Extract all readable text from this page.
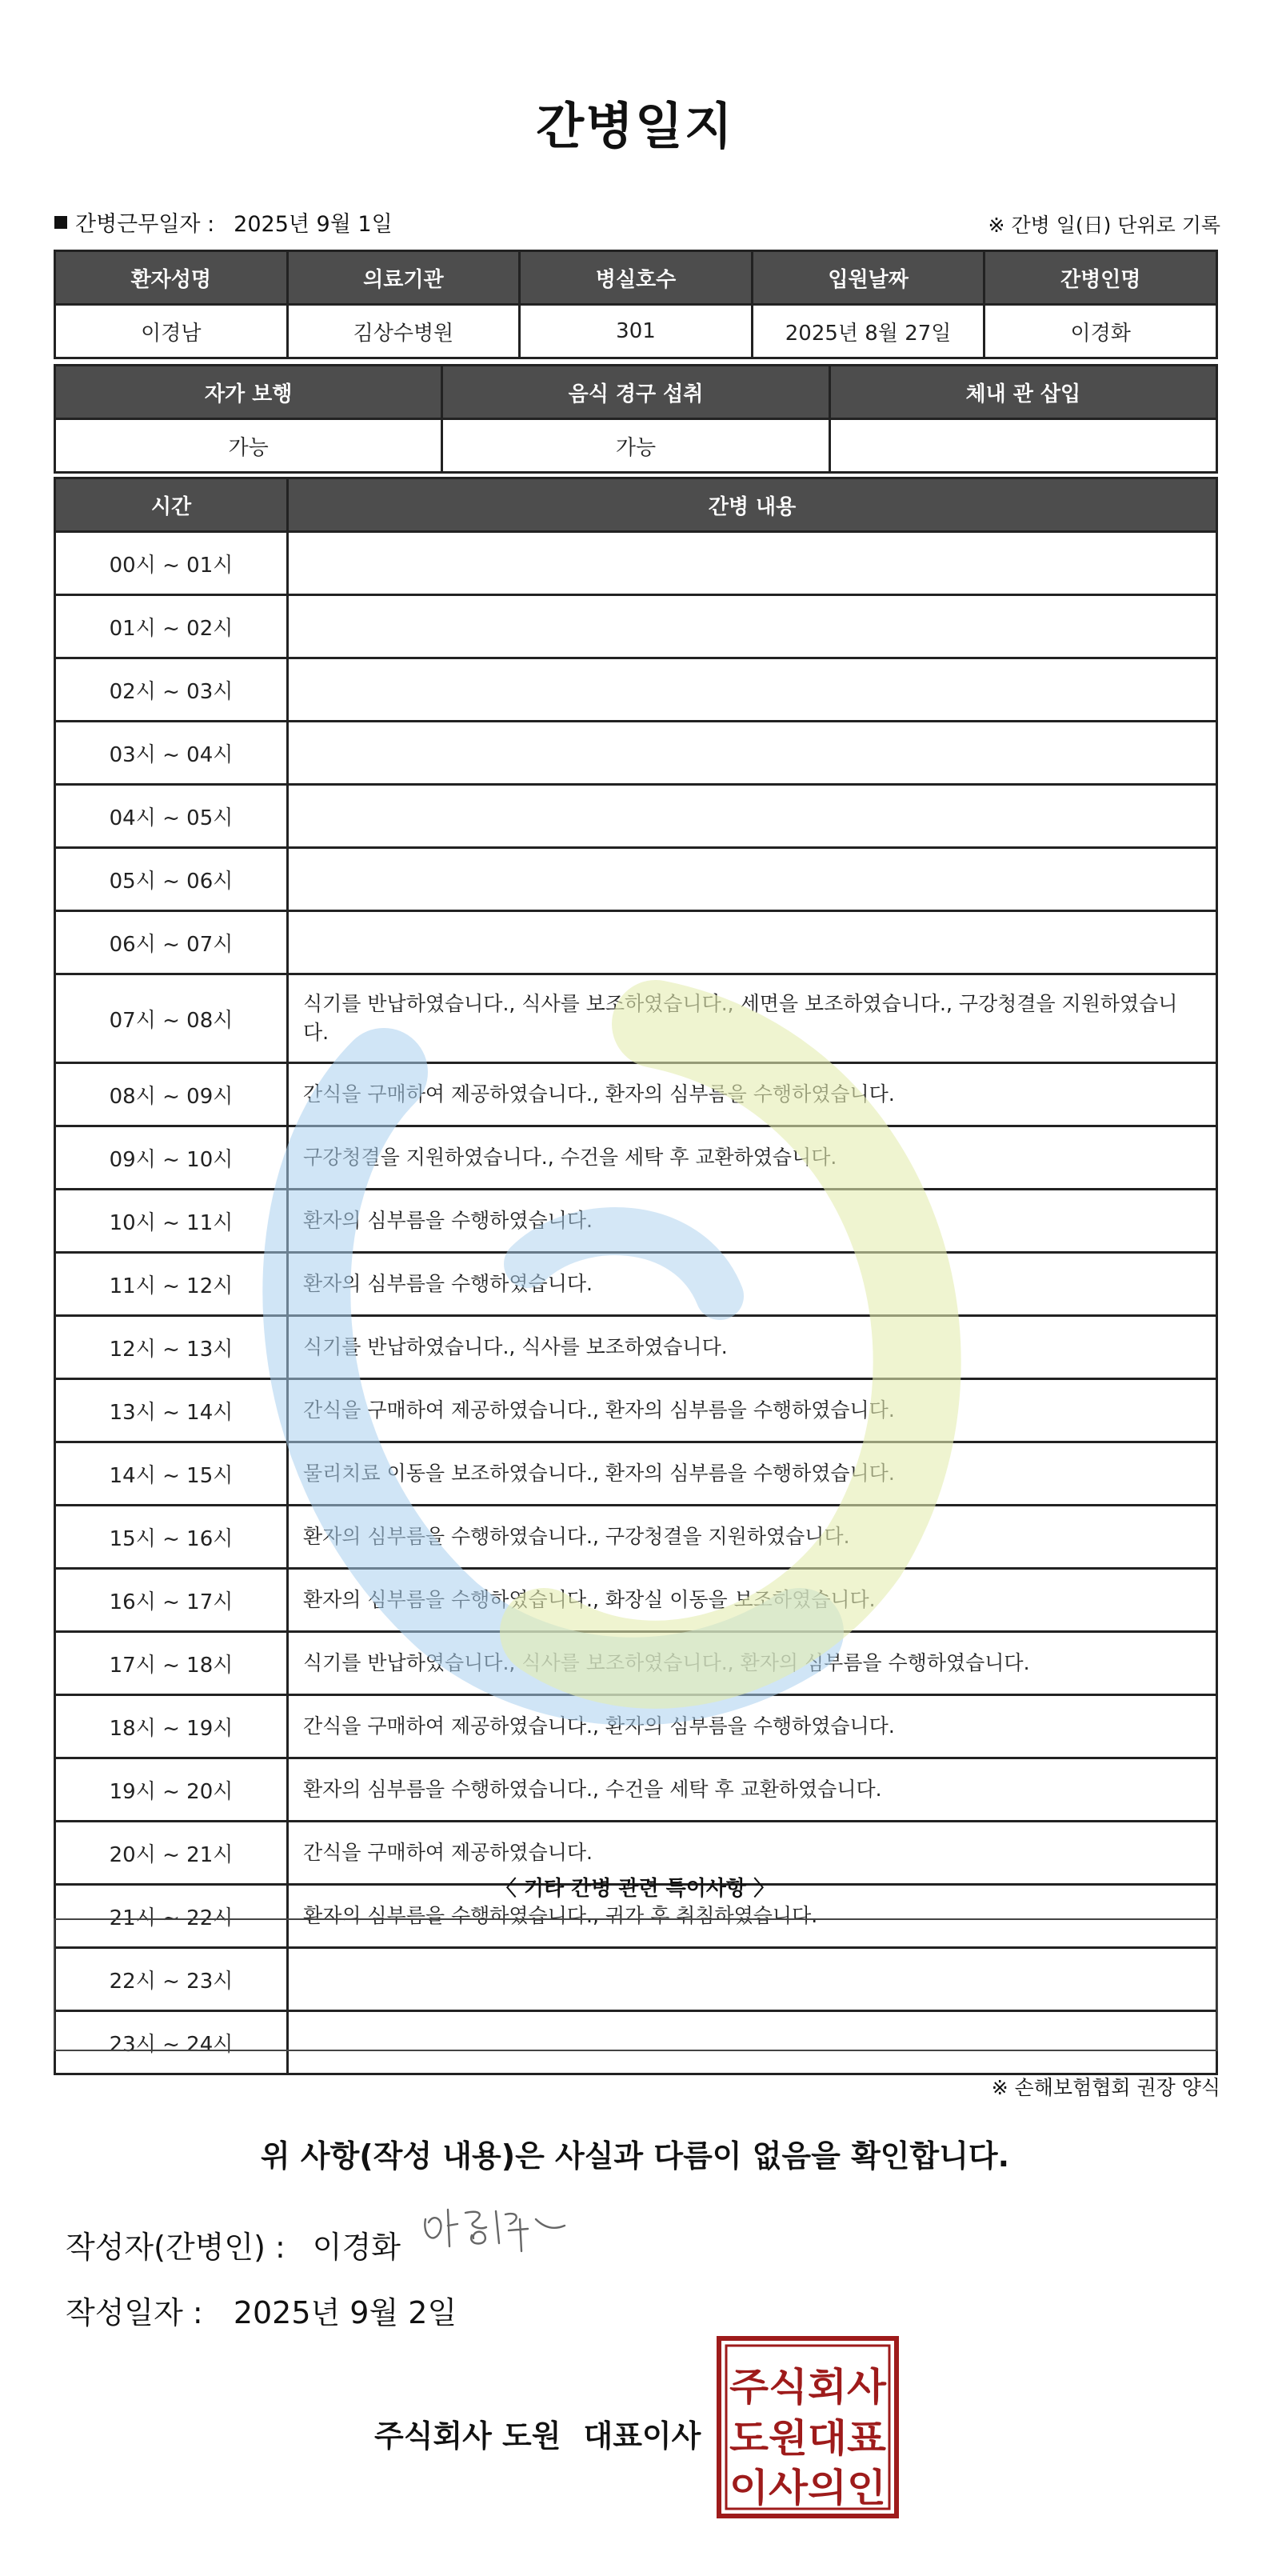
간병일지
간병근무일자 : 2025년 9월 1일	※ 간병 일(日) 단위로 기록
환자성명	의료기관	병실호수	입원날짜	간병인명
이경남	김상수병원	301	2025년 8월 27일	이경화
자가 보행	음식 경구 섭취	체내 관 삽입
가능	가능	
시간	간병 내용
00시 ~ 01시	
01시 ~ 02시	
02시 ~ 03시	
03시 ~ 04시	
04시 ~ 05시	
05시 ~ 06시	
06시 ~ 07시	
07시 ~ 08시	식기를 반납하였습니다., 식사를 보조하였습니다., 세면을 보조하였습니다., 구강청결을 지원하였습니다.
08시 ~ 09시	간식을 구매하여 제공하였습니다., 환자의 심부름을 수행하였습니다.
09시 ~ 10시	구강청결을 지원하였습니다., 수건을 세탁 후 교환하였습니다.
10시 ~ 11시	환자의 심부름을 수행하였습니다.
11시 ~ 12시	환자의 심부름을 수행하였습니다.
12시 ~ 13시	식기를 반납하였습니다., 식사를 보조하였습니다.
13시 ~ 14시	간식을 구매하여 제공하였습니다., 환자의 심부름을 수행하였습니다.
14시 ~ 15시	물리치료 이동을 보조하였습니다., 환자의 심부름을 수행하였습니다.
15시 ~ 16시	환자의 심부름을 수행하였습니다., 구강청결을 지원하였습니다.
16시 ~ 17시	환자의 심부름을 수행하였습니다., 화장실 이동을 보조하였습니다.
17시 ~ 18시	식기를 반납하였습니다., 식사를 보조하였습니다., 환자의 심부름을 수행하였습니다.
18시 ~ 19시	간식을 구매하여 제공하였습니다., 환자의 심부름을 수행하였습니다.
19시 ~ 20시	환자의 심부름을 수행하였습니다., 수건을 세탁 후 교환하였습니다.
20시 ~ 21시	간식을 구매하여 제공하였습니다.
21시 ~ 22시	환자의 심부름을 수행하였습니다., 귀가 후 취침하였습니다.
22시 ~ 23시	
23시 ~ 24시	
〈 기타 간병 관련 특이사항 〉
※ 손해보험협회 권장 양식
위 사항(작성 내용)은 사실과 다름이 없음을 확인합니다.
작성자(간병인) : 이경화
작성일자 : 2025년 9월 2일
주식회사 도원 대표이사
주식회사
도원대표
이사의인
